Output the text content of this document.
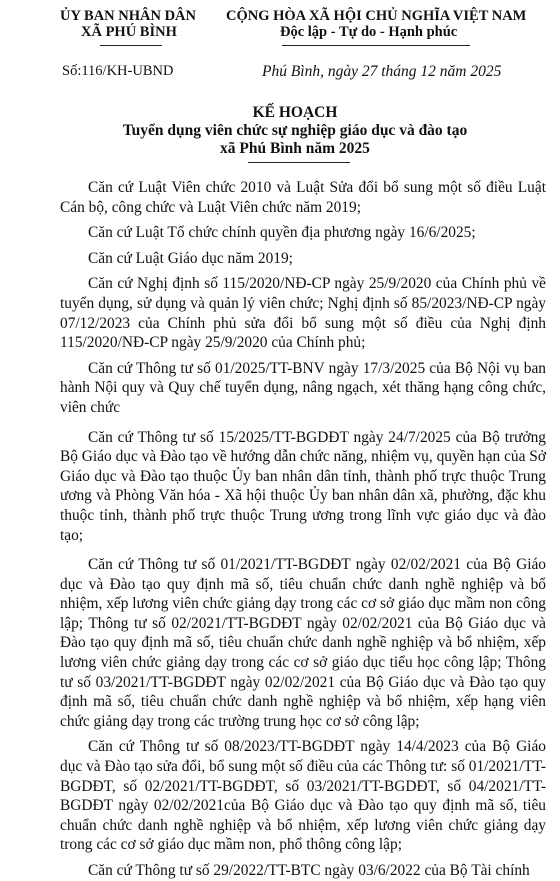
ỦY BAN NHÂN DÂN
XÃ PHÚ BÌNH
CỘNG HÒA XÃ HỘI CHỦ NGHĨA VIỆT NAM
Độc lập - Tự do - Hạnh phúc
Số:116/KH-UBND	Phú Bình, ngày 27 tháng 12 năm 2025
KẾ HOẠCH
Tuyển dụng viên chức sự nghiệp giáo dục và đào tạo
xã Phú Bình năm 2025

Căn cứ Luật Viên chức 2010 và Luật Sửa đổi bổ sung một số điều Luật Cán bộ, công chức và Luật Viên chức năm 2019;

Căn cứ Luật Tổ chức chính quyền địa phương ngày 16/6/2025;

Căn cứ Luật Giáo dục năm 2019;

Căn cứ Nghị định số 115/2020/NĐ-CP ngày 25/9/2020 của Chính phủ về tuyển dụng, sử dụng và quản lý viên chức; Nghị định số 85/2023/NĐ-CP ngày 07/12/2023 của Chính phủ sửa đổi bổ sung một số điều của Nghị định 115/2020/NĐ-CP ngày 25/9/2020 của Chính phủ;

Căn cứ Thông tư số 01/2025/TT-BNV ngày 17/3/2025 của Bộ Nội vụ ban hành Nội quy và Quy chế tuyển dụng, nâng ngạch, xét thăng hạng công chức, viên chức

Căn cứ Thông tư số 15/2025/TT-BGDĐT ngày 24/7/2025 của Bộ trưởng Bộ Giáo dục và Đào tạo về hướng dẫn chức năng, nhiệm vụ, quyền hạn của Sở Giáo dục và Đào tạo thuộc Ủy ban nhân dân tỉnh, thành phố trực thuộc Trung ương và Phòng Văn hóa - Xã hội thuộc Ủy ban nhân dân xã, phường, đặc khu thuộc tỉnh, thành phố trực thuộc Trung ương trong lĩnh vực giáo dục và đào tạo;

Căn cứ Thông tư số 01/2021/TT-BGDĐT ngày 02/02/2021 của Bộ Giáo dục và Đào tạo quy định mã số, tiêu chuẩn chức danh nghề nghiệp và bổ nhiệm, xếp lương viên chức giảng dạy trong các cơ sở giáo dục mầm non công lập; Thông tư số 02/2021/TT-BGDĐT ngày 02/02/2021 của Bộ Giáo dục và Đào tạo quy định mã số, tiêu chuẩn chức danh nghề nghiệp và bổ nhiệm, xếp lương viên chức giảng dạy trong các cơ sở giáo dục tiểu học công lập; Thông tư số 03/2021/TT-BGDĐT ngày 02/02/2021 của Bộ Giáo dục và Đào tạo quy định mã số, tiêu chuẩn chức danh nghề nghiệp và bổ nhiệm, xếp hạng viên chức giảng dạy trong các trường trung học cơ sở công lập;

Căn cứ Thông tư số 08/2023/TT-BGDĐT ngày 14/4/2023 của Bộ Giáo dục và Đào tạo sửa đổi, bổ sung một số điều của các Thông tư: số 01/2021/TT-BGDĐT, số 02/2021/TT-BGDĐT, số 03/2021/TT-BGDĐT, số 04/2021/TT-BGDĐT ngày 02/02/2021của Bộ Giáo dục và Đào tạo quy định mã số, tiêu chuẩn chức danh nghề nghiệp và bổ nhiệm, xếp lương viên chức giảng dạy trong các cơ sở giáo dục mầm non, phổ thông công lập;

Căn cứ Thông tư số 29/2022/TT-BTC ngày 03/6/2022 của Bộ Tài chính
